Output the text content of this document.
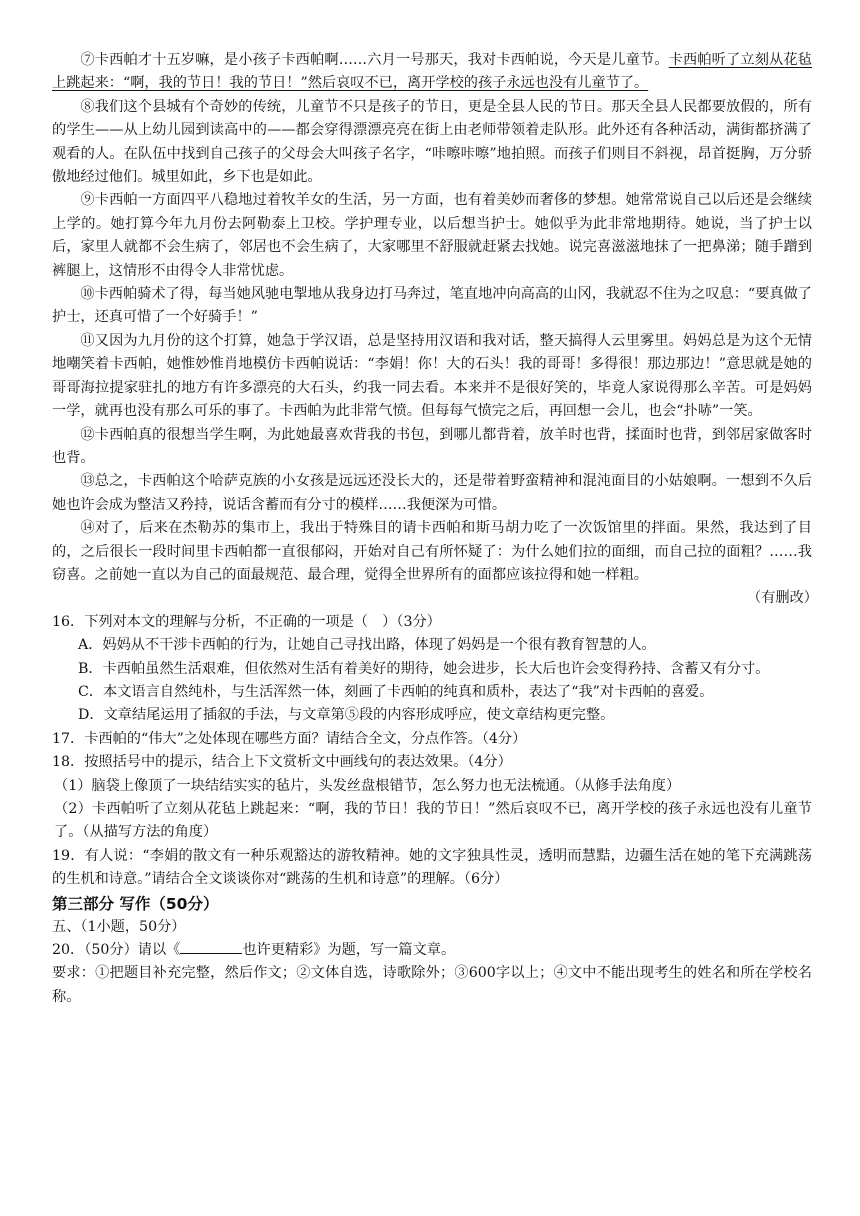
⑦卡西帕才十五岁嘛，是小孩子卡西帕啊……六月一号那天，我对卡西帕说，今天是儿童节。卡西帕听了立刻从花毡上跳起来：“啊，我的节日！我的节日！”然后哀叹不已，离开学校的孩子永远也没有儿童节了。

⑧我们这个县城有个奇妙的传统，儿童节不只是孩子的节日，更是全县人民的节日。那天全县人民都要放假的，所有的学生——从上幼儿园到读高中的——都会穿得漂漂亮亮在街上由老师带领着走队形。此外还有各种活动，满街都挤满了观看的人。在队伍中找到自己孩子的父母会大叫孩子名字，“咔嚓咔嚓”地拍照。而孩子们则目不斜视，昂首挺胸，万分骄傲地经过他们。城里如此，乡下也是如此。

⑨卡西帕一方面四平八稳地过着牧羊女的生活，另一方面，也有着美妙而奢侈的梦想。她常常说自己以后还是会继续上学的。她打算今年九月份去阿勒泰上卫校。学护理专业，以后想当护士。她似乎为此非常地期待。她说，当了护士以后，家里人就都不会生病了，邻居也不会生病了，大家哪里不舒服就赶紧去找她。说完喜滋滋地抹了一把鼻涕；随手蹭到裤腿上，这情形不由得令人非常忧虑。

⑩卡西帕骑术了得，每当她风驰电掣地从我身边打马奔过，笔直地冲向高高的山冈，我就忍不住为之叹息：“要真做了护士，还真可惜了一个好骑手！”

⑪又因为九月份的这个打算，她急于学汉语，总是坚持用汉语和我对话，整天搞得人云里雾里。妈妈总是为这个无情地嘲笑着卡西帕，她惟妙惟肖地模仿卡西帕说话：“李娟！你！大的石头！我的哥哥！多得很！那边那边！”意思就是她的哥哥海拉提家驻扎的地方有许多漂亮的大石头，约我一同去看。本来并不是很好笑的，毕竟人家说得那么辛苦。可是妈妈一学，就再也没有那么可乐的事了。卡西帕为此非常气愤。但每每气愤完之后，再回想一会儿，也会“扑哧”一笑。

⑫卡西帕真的很想当学生啊，为此她最喜欢背我的书包，到哪儿都背着，放羊时也背，揉面时也背，到邻居家做客时也背。

⑬总之，卡西帕这个哈萨克族的小女孩是远远还没长大的，还是带着野蛮精神和混沌面目的小姑娘啊。一想到不久后她也许会成为整洁又矜持，说话含蓄而有分寸的模样……我便深为可惜。

⑭对了，后来在杰勒苏的集市上，我出于特殊目的请卡西帕和斯马胡力吃了一次饭馆里的拌面。果然，我达到了目的，之后很长一段时间里卡西帕都一直很郁闷，开始对自己有所怀疑了：为什么她们拉的面细，而自己拉的面粗？……我窃喜。之前她一直以为自己的面最规范、最合理，觉得全世界所有的面都应该拉得和她一样粗。

（有删改）

16．下列对本文的理解与分析，不正确的一项是（　）（3分）

A．妈妈从不干涉卡西帕的行为，让她自己寻找出路，体现了妈妈是一个很有教育智慧的人。

B．卡西帕虽然生活艰难，但依然对生活有着美好的期待，她会进步，长大后也许会变得矜持、含蓄又有分寸。

C．本文语言自然纯朴，与生活浑然一体，刻画了卡西帕的纯真和质朴，表达了“我”对卡西帕的喜爱。

D．文章结尾运用了插叙的手法，与文章第⑤段的内容形成呼应，使文章结构更完整。

17．卡西帕的“伟大”之处体现在哪些方面？请结合全文，分点作答。（4分）

18．按照括号中的提示，结合上下文赏析文中画线句的表达效果。（4分）

（1）脑袋上像顶了一块结结实实的毡片，头发丝盘根错节，怎么努力也无法梳通。（从修手法角度）

（2）卡西帕听了立刻从花毡上跳起来：“啊，我的节日！我的节日！”然后哀叹不已，离开学校的孩子永远也没有儿童节了。（从描写方法的角度）

19．有人说：“李娟的散文有一种乐观豁达的游牧精神。她的文字独具性灵，透明而慧黠，边疆生活在她的笔下充满跳荡的生机和诗意。”请结合全文谈谈你对“跳荡的生机和诗意”的理解。（6分）

第三部分 写作（50分）

五、（1小题，50分）

20．（50分）请以《	也许更精彩》为题，写一篇文章。

要求：①把题目补充完整，然后作文；②文体自选，诗歌除外；③600字以上；④文中不能出现考生的姓名和所在学校名称。
